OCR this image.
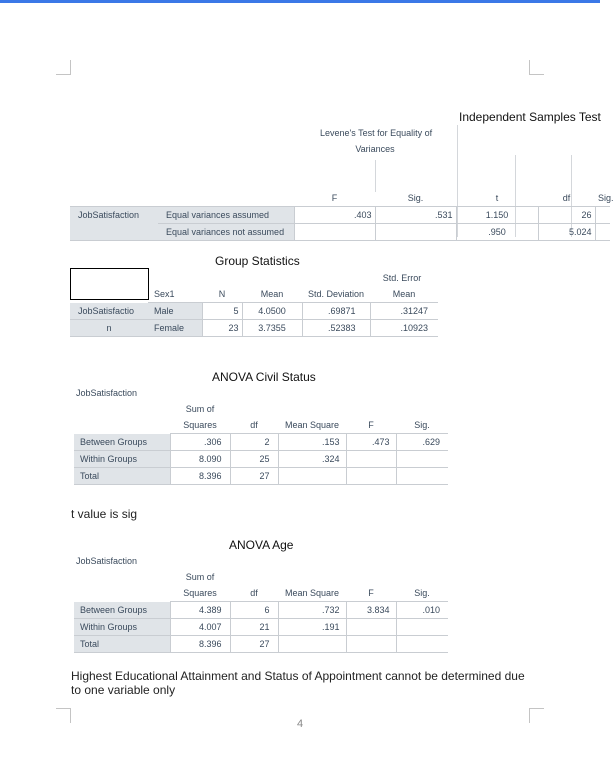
Independent Samples Test
Levene's Test for Equality of
Variances
		F	Sig.	t	df	Sig.
JobSatisfaction	Equal variances assumed	.403	.531	1.150	26	
	Equal variances not assumed			.950	5.024	
Group Statistics
Std. Error
	Sex1	N	Mean	Std. Deviation	Mean
JobSatisfactio	Male	5	4.0500	.69871	.31247
n	Female	23	3.7355	.52383	.10923
ANOVA Civil Status
JobSatisfaction
	Sum of				
	Squares	df	Mean Square	F	Sig.
Between Groups	.306	2	.153	.473	.629
Within Groups	8.090	25	.324		
Total	8.396	27			
t value is sig
ANOVA Age
JobSatisfaction
	Sum of				
	Squares	df	Mean Square	F	Sig.
Between Groups	4.389	6	.732	3.834	.010
Within Groups	4.007	21	.191		
Total	8.396	27			
Highest Educational Attainment and Status of Appointment cannot be determined due to one variable only
4
